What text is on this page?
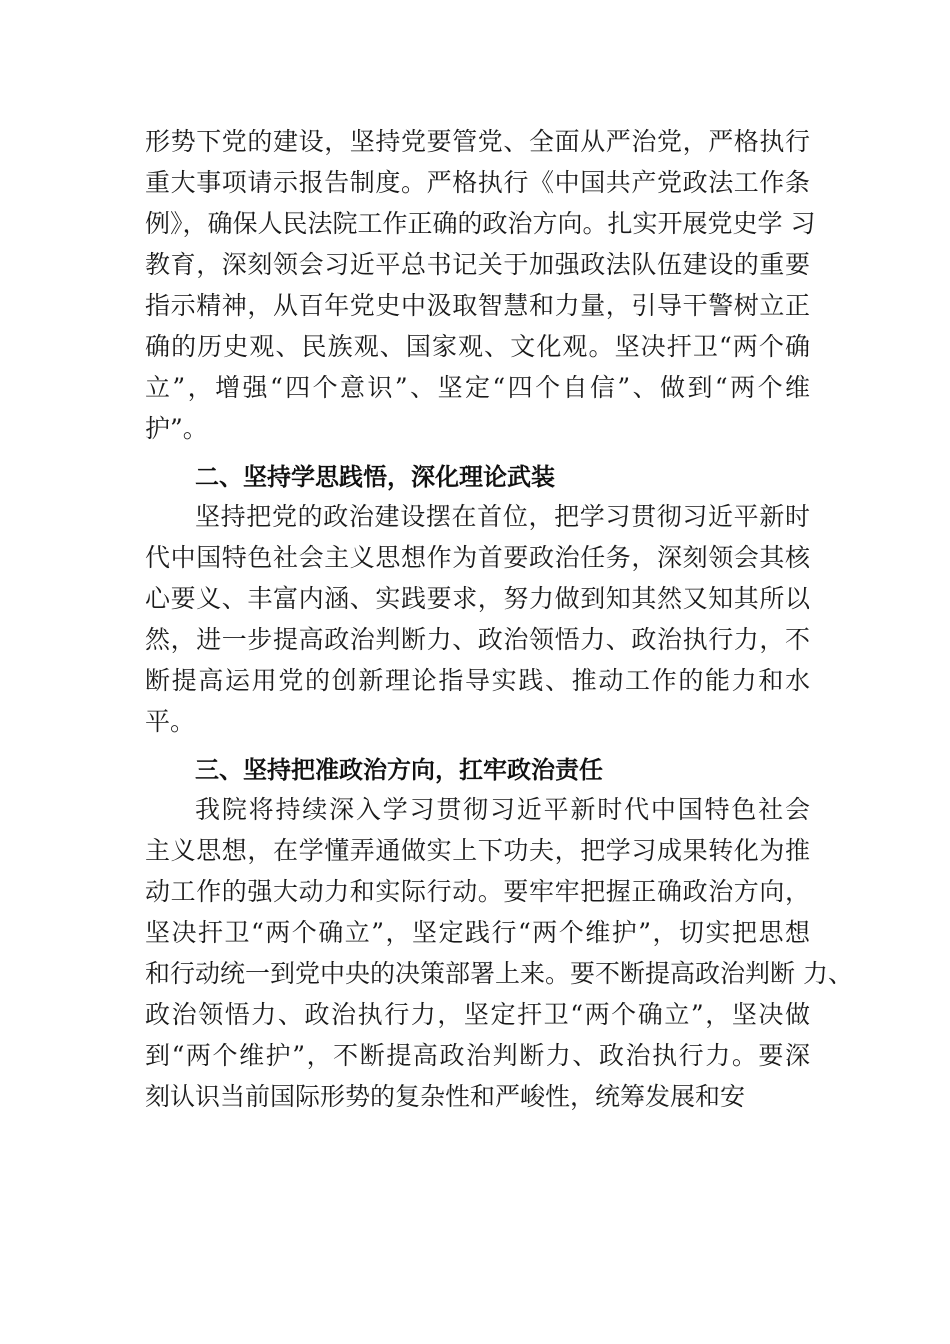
形势下党的建设，坚持党要管党、全面从严治党，严格执行
重大事项请示报告制度。严格执行《中国共产党政法工作条
例》，确保人民法院工作正确的政治方向。扎实开展党史学 习
教育，深刻领会习近平总书记关于加强政法队伍建设的重要
指示精神，从百年党史中汲取智慧和力量，引导干警树立正
确的历史观、民族观、国家观、文化观。坚决扞卫“两个确
立”，增强“四个意识”、坚定“四个自信”、做到“两个维
护”。
二、坚持学思践悟，深化理论武装
坚持把党的政治建设摆在首位，把学习贯彻习近平新时
代中国特色社会主义思想作为首要政治任务，深刻领会其核
心要义、丰富内涵、实践要求，努力做到知其然又知其所以
然，进一步提高政治判断力、政治领悟力、政治执行力，不
断提高运用党的创新理论指导实践、推动工作的能力和水
平。
三、坚持把准政治方向，扛牢政治责任
我院将持续深入学习贯彻习近平新时代中国特色社会
主义思想，在学懂弄通做实上下功夫，把学习成果转化为推
动工作的强大动力和实际行动。要牢牢把握正确政治方向，
坚决扞卫“两个确立”，坚定践行“两个维护”，切实把思想
和行动统一到党中央的决策部署上来。要不断提高政治判断 力、
政治领悟力、政治执行力，坚定扞卫“两个确立”，坚决做
到“两个维护”，不断提高政治判断力、政治执行力。要深
刻认识当前国际形势的复杂性和严峻性，统筹发展和安
